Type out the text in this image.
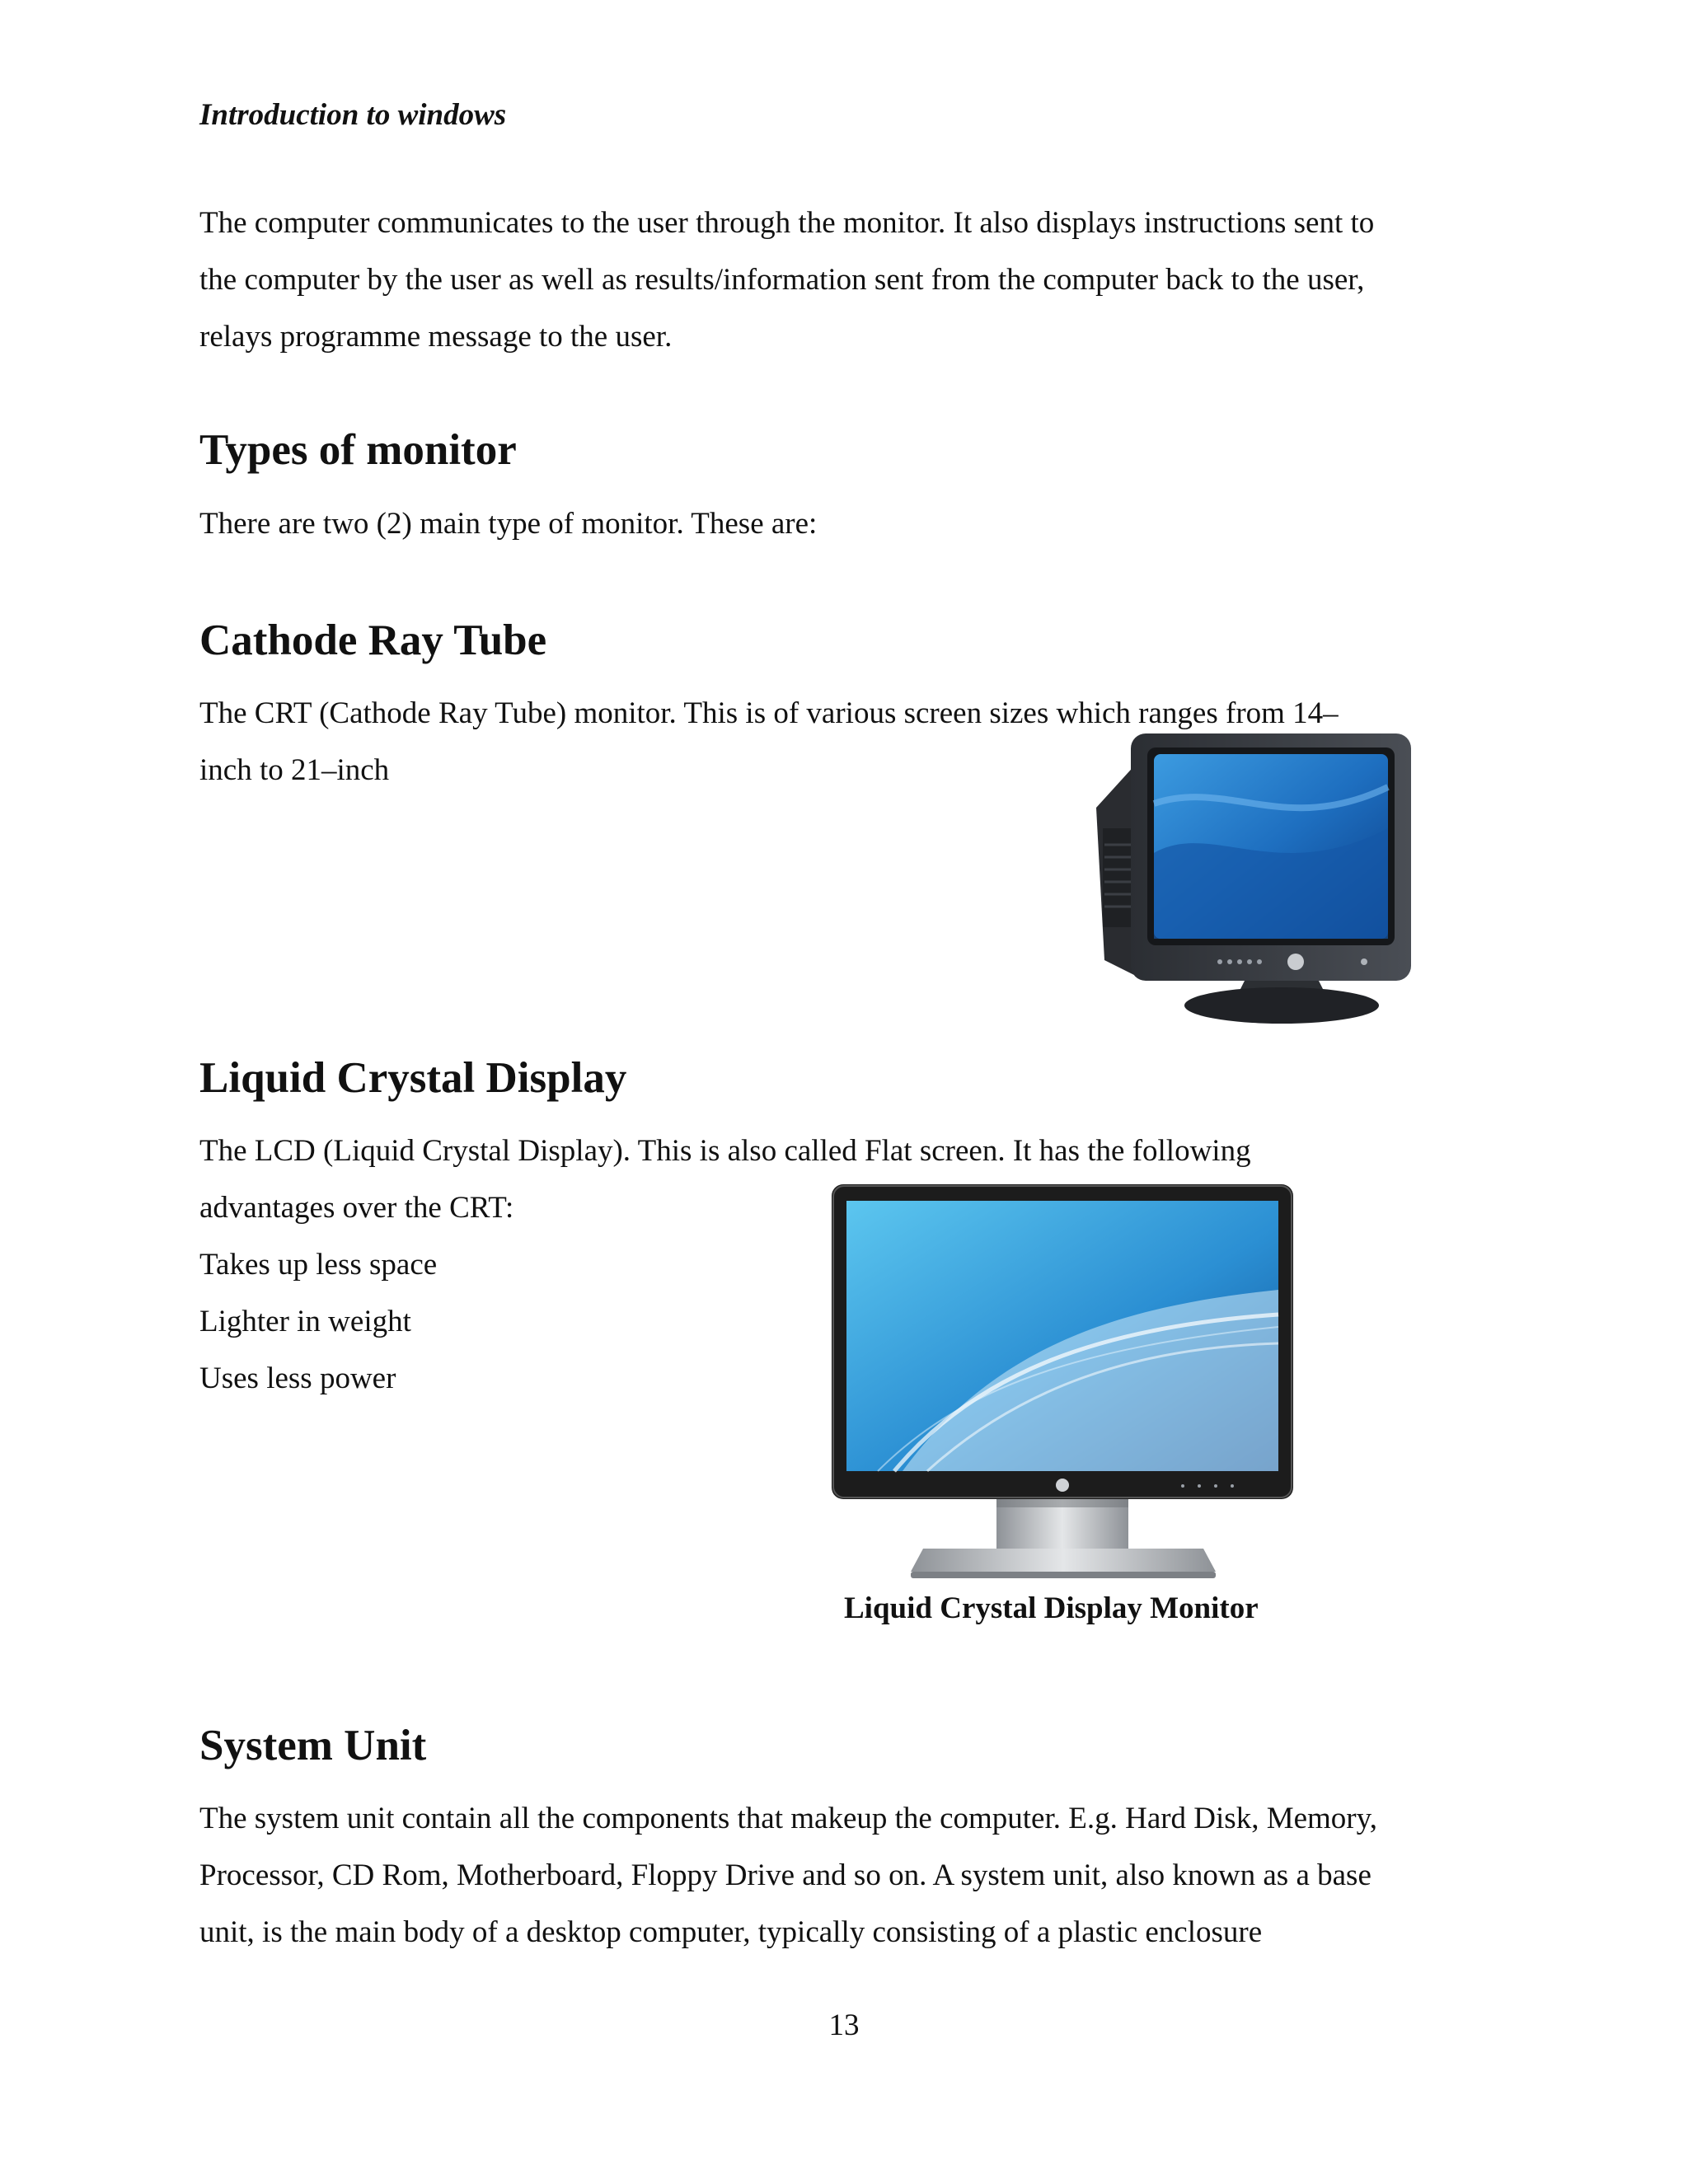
Introduction to windows

The computer communicates to the user through the monitor. It also displays instructions sent to

the computer by the user as well as results/information sent from the computer back to the user,

relays programme message to the user.

Types of monitor

There are two (2) main type of monitor. These are:

Cathode Ray Tube

The CRT (Cathode Ray Tube) monitor. This is of various screen sizes which ranges from 14–

inch to 21–inch

Liquid Crystal Display

The LCD (Liquid Crystal Display). This is also called Flat screen. It has the following

advantages over the CRT:

Takes up less space

Lighter in weight

Uses less power

Liquid Crystal Display Monitor

System Unit

The system unit contain all the components that makeup the computer. E.g. Hard Disk, Memory,

Processor, CD Rom, Motherboard, Floppy Drive and so on. A system unit, also known as a base

unit, is the main body of a desktop computer, typically consisting of a plastic enclosure

13
